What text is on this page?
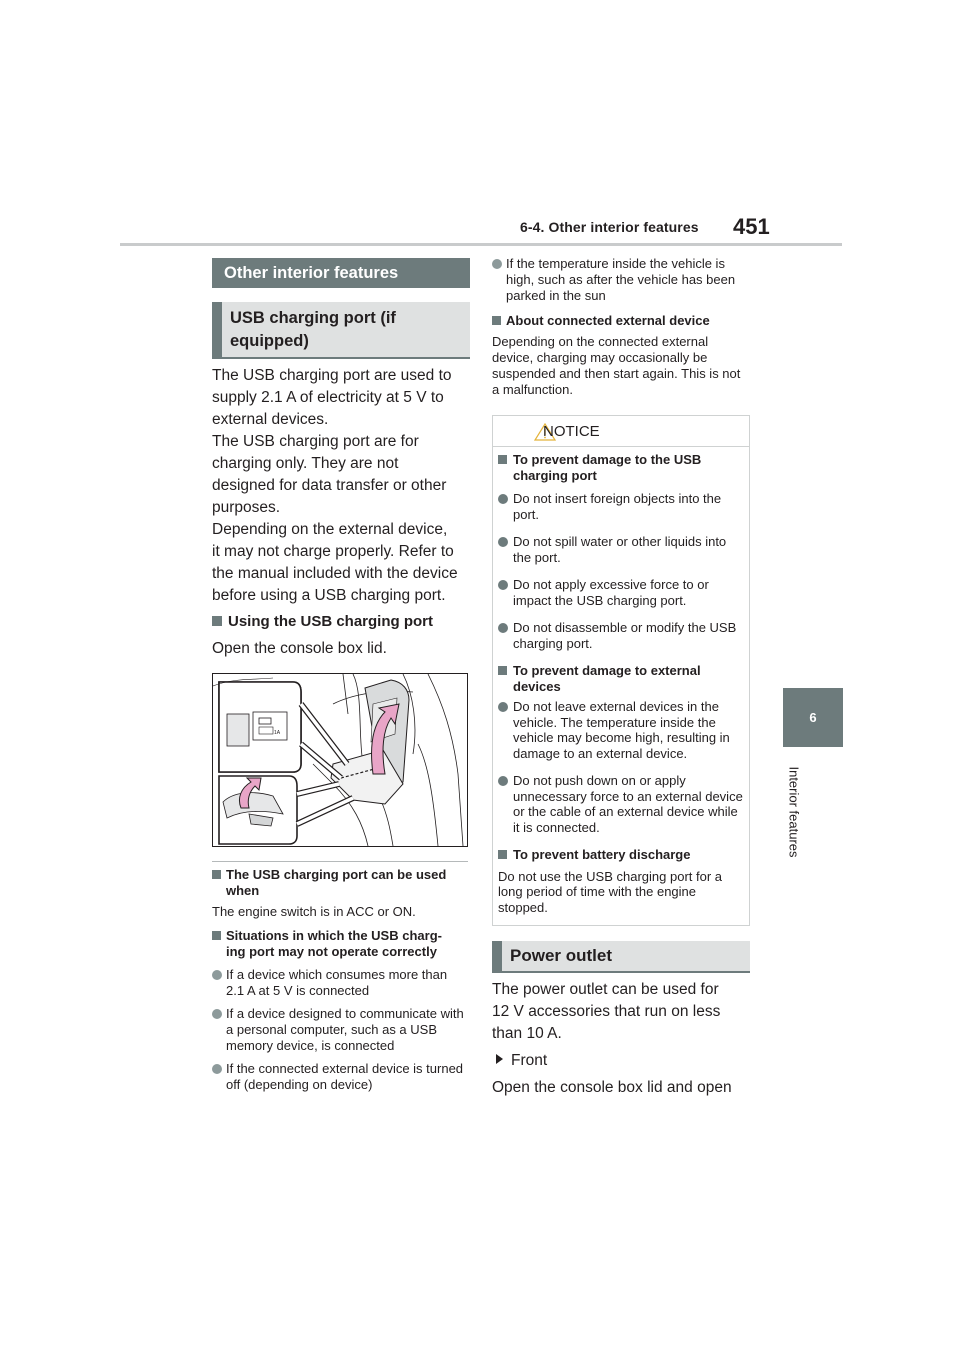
6-4. Other interior features 451
6
Interior features
Other interior features
USB charging port (if
equipped)

The USB charging port are used to

supply 2.1 A of electricity at 5 V to

external devices.

The USB charging port are for

charging only. They are not

designed for data transfer or other

purposes.

Depending on the external device,

it may not charge properly. Refer to

the manual included with the device

before using a USB charging port.

Using the USB charging port
Open the console box lid.
1A
The USB charging port can be used when
The engine switch is in ACC or ON.
Situations in which the USB charg-
ing port may not operate correctly
If a device which consumes more than 2.1 A at 5 V is connected
If a device designed to communicate with a personal computer, such as a USB memory device, is connected
If the connected external device is turned off (depending on device)
If the temperature inside the vehicle is high, such as after the vehicle has been parked in the sun
About connected external device
Depending on the connected external device, charging may occasionally be suspended and then start again. This is not a malfunction.
NOTICE
To prevent damage to the USB
charging port
Do not insert foreign objects into the port.
Do not spill water or other liquids into the port.
Do not apply excessive force to or impact the USB charging port.
Do not disassemble or modify the USB charging port.
To prevent damage to external
devices
Do not leave external devices in the vehicle. The temperature inside the vehicle may become high, resulting in damage to an external device.
Do not push down on or apply unnecessary force to an external device or the cable of an external device while it is connected.
To prevent battery discharge
Do not use the USB charging port for a long period of time with the engine stopped.
Power outlet

The power outlet can be used for

12 V accessories that run on less

than 10 A.

Front
Open the console box lid and open
